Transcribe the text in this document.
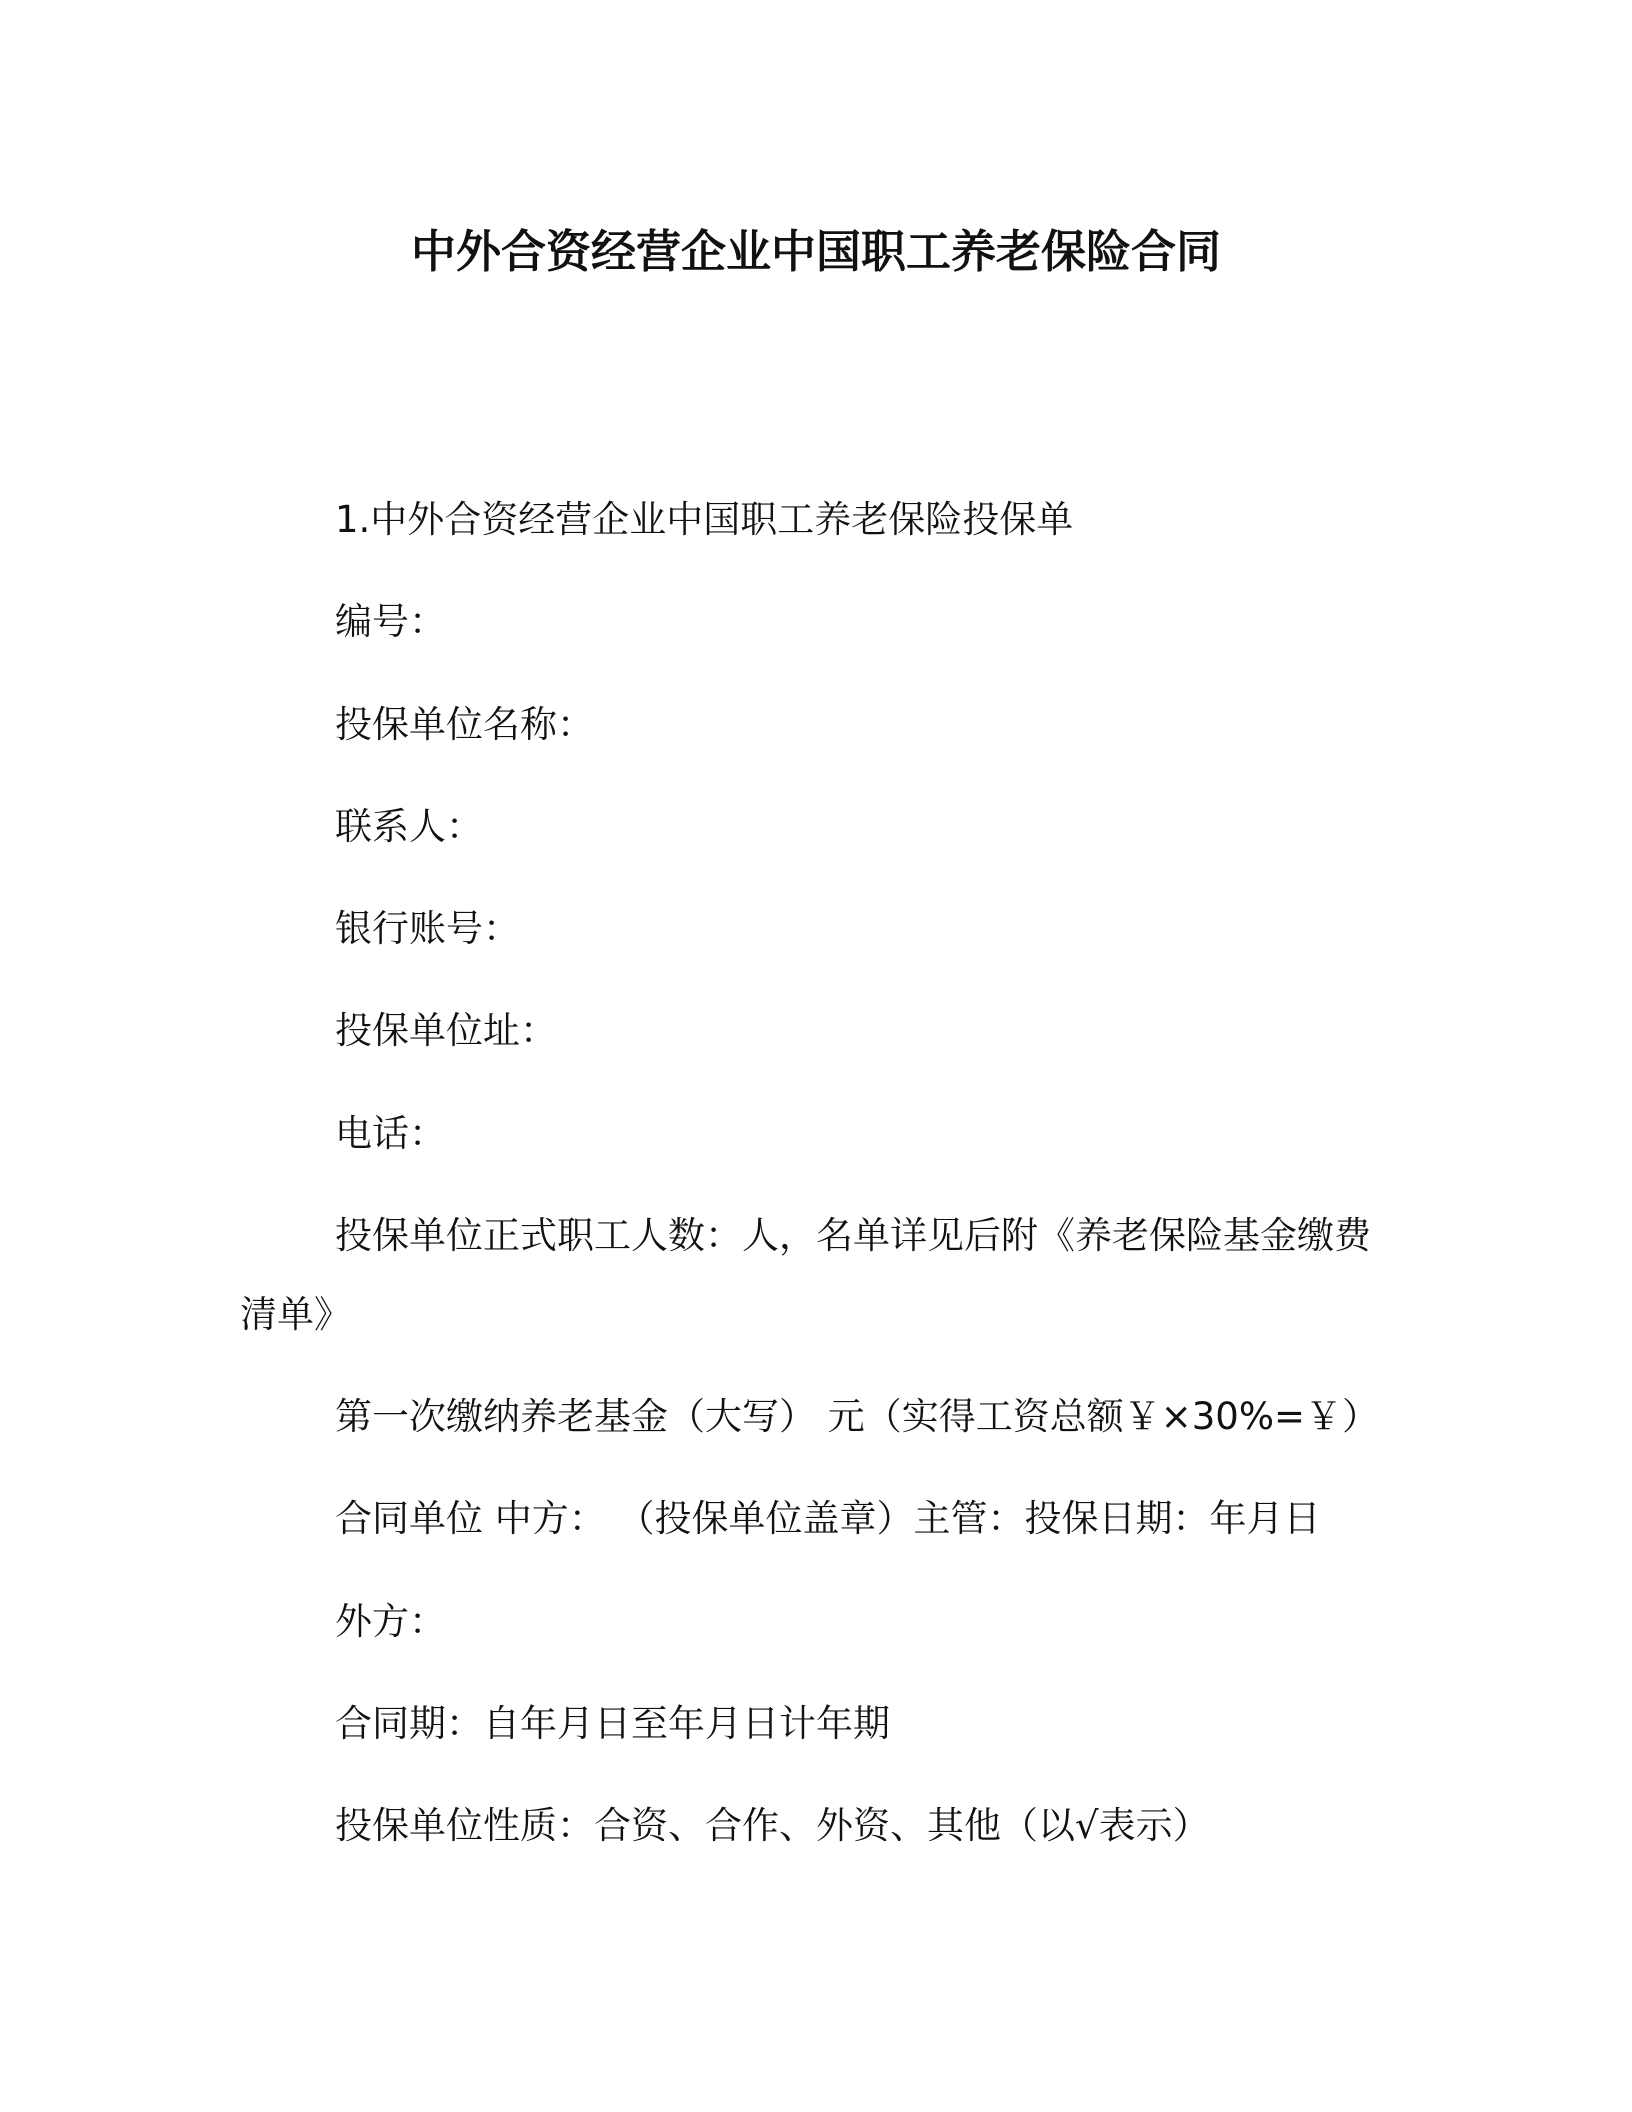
中外合资经营企业中国职工养老保险合同
1.中外合资经营企业中国职工养老保险投保单
编号：
投保单位名称：
联系人：
银行账号：
投保单位址：
电话：
投保单位正式职工人数：人，名单详见后附《养老保险基金缴费
清单》
第一次缴纳养老基金（大写） 元（实得工资总额￥×30%=￥）
合同单位 中方： （投保单位盖章）主管：投保日期：年月日
外方：
合同期：自年月日至年月日计年期
投保单位性质：合资、合作、外资、其他（以√表示）
